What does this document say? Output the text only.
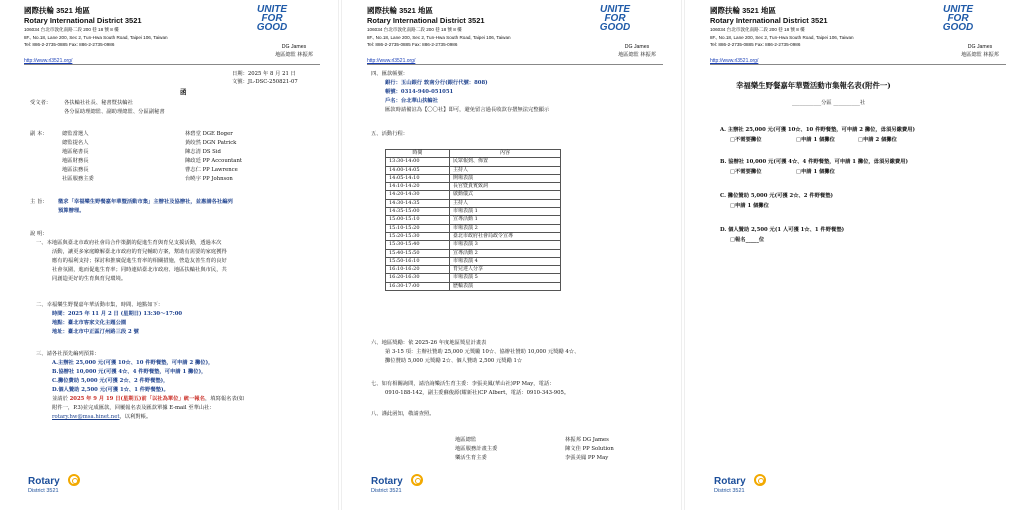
國際扶輪 3521 地區
Rotary International District 3521
106034 台北市敦化南路二段 200 巷 18 號 8 樓
8F., No.18, Lane 200, Sec 2, Tun-Hwa South Road, Taipei 106, Taiwan
Tel: 886-2-2735-0885 Fax: 886-2-2735-0986
http://www.rl3521.org/
UNITE FOR GOOD
DG James
地區總監 林振邦
日期：2025 年 8 月 21 日
文號：JL-DSC-250821-07
函
受文者： 各扶輪社社長、秘書暨扶輪社
各分區助理總監、副助理總監、分區副秘書
副 本：	總監當選人	林碧堂 DGE Boger
總監提名人	黃皎然 DGN Patrick
地區秘書長	陳志清 DS Sid
地區財務長	陳政廷 PP Accountant
地區法務長	曹志仁 PP Lawrence
社區服務主委	台曉宇 PP Johnson
主 旨： 徵求「幸福樂生野餐嘉年華暨活動市集」主辦社及協辦社，並惠請各社編列
預算辦理。
說 明：
一、本地區與臺北市政府社會局合作策劃的促進生育與育兒支援活動，透過本次
活動，讓更多家庭瞭解臺北市政府的育兒輔助方案，幫助有需要的家庭獲得
應有的福利支持；探討和推廣促進生育率的相關措施，營造友善生育的良好
社會氛圍，進而促進生育率；同時連結臺北市政府、地區扶輪社與市民，共
同創造更好的生育與育兒環境。
二、幸福樂生野餐嘉年華活動市集，時間、地點如下：
時間：2025 年 11 月 2 日 (星期日) 13:30～17:00
地點：臺北市客家文化主題公園
地址：臺北市中正區汀州路三段 2 號
三、請各社預先編列預算：
A.主辦社 25,000 元(可獲 10☆、10 件野餐墊，可申請 2 攤位)，
B.協辦社 10,000 元(可獲 4☆、4 件野餐墊，可申請 1 攤位)，
C.攤位費助 5,000 元(可獲 2☆、2 件野餐墊)，
D.個人贊助 2,500 元(可獲 1☆、1 件野餐墊)。
並請於 2025 年 9 月 19 日(星期五)前「以社為單位」統一報名，填寫報名表(如
附件一，P.3)並完成匯款，回覆報名表及匯款單據 E-mail 至華山社：
rotary.hw@msa.hinet.net，以利對帳。
Rotary
District 3521
國際扶輪 3521 地區
Rotary International District 3521
106034 台北市敦化南路二段 200 巷 18 號 8 樓
8F., No.18, Lane 200, Sec 2, Tun-Hwa South Road, Taipei 106, Taiwan
Tel: 886-2-2735-0885 Fax: 886-2-2735-0986
http://www.rl3521.org/
UNITE FOR GOOD
DG James
地區總監 林振邦
四、匯款帳號：
銀行：玉山銀行 敦南分行(銀行代號：808)
帳號：0314-940-051051
戶名：台北華山扶輪社
匯款時請備註為【〇〇社】即可，避免留言過長收款存摺無法完整顯示
五、活動行程：
時間	內容
13:30-14:00	民眾報到、佈置
14:00-14:05	主持人
14:05-14:10	開場表演
14:10-14:20	長官暨貴賓致詞
14:20-14:30	啟動儀式
14:30-14:35	主持人
14:35-15:00	市場表演 1
15:00-15:10	宣導活動 1
15:10-15:20	市場表演 2
15:20-15:30	臺北市政府社會局政令宣導
15:30-15:40	市場表演 3
15:40-15:50	宣導活動 2
15:50-16:10	市場表演 4
16:10-16:20	育兒達人分享
16:20-16:30	市場表演 5
16:30-17:00	歷輪表演
六、地區獎勵：依 2025-26 年度地區獎星計畫表
第 3-15 項：主辦社贊助 25,000 元獎勵 10☆、協辦社贊助 10,000 元獎勵 4☆、
攤位贊助 5,000 元獎勵 2☆、個人贊助 2,500 元獎勵 1☆
七、如有相關詢問，請洽詢樂活生育主委：李張美鳳(華山社)PP May，電話：
0910-188-142，副主委蘇俊源(耀新社)CP Albert，電話：0910-343-905。
八、謹此函知，敬請查照。
地區總監	林振邦 DG James
地區服務計畫主委	陳文佳 PP Solution
樂活生育主委	李張美鳳 PP May
Rotary
District 3521
國際扶輪 3521 地區
Rotary International District 3521
106034 台北市敦化南路二段 200 巷 18 號 8 樓
8F., No.18, Lane 200, Sec 2, Tun-Hwa South Road, Taipei 106, Taiwan
Tel: 886-2-2735-0885 Fax: 886-2-2735-0986
http://www.rl3521.org/
UNITE FOR GOOD
DG James
地區總監 林振邦
幸福樂生野餐嘉年華暨活動市集報名表(附件一)
___________分區 __________社
A. 主辦社 25,000 元(可獲 10☆、10 件野餐墊，可申請 2 攤位，毋須另繳費用)
□不需要攤位	□申請 1 個攤位	□申請 2 個攤位
B. 協辦社 10,000 元(可獲 4☆、4 件野餐墊，可申請 1 攤位，毋須另繳費用)
□不需要攤位	□申請 1 個攤位
C. 攤位贊助 5,000 元(可獲 2☆、2 件野餐墊)
□申請 1 個攤位
D. 個人贊助 2,500 元(1 人可獲 1☆、1 件野餐墊)
□報名_____位
Rotary
District 3521
